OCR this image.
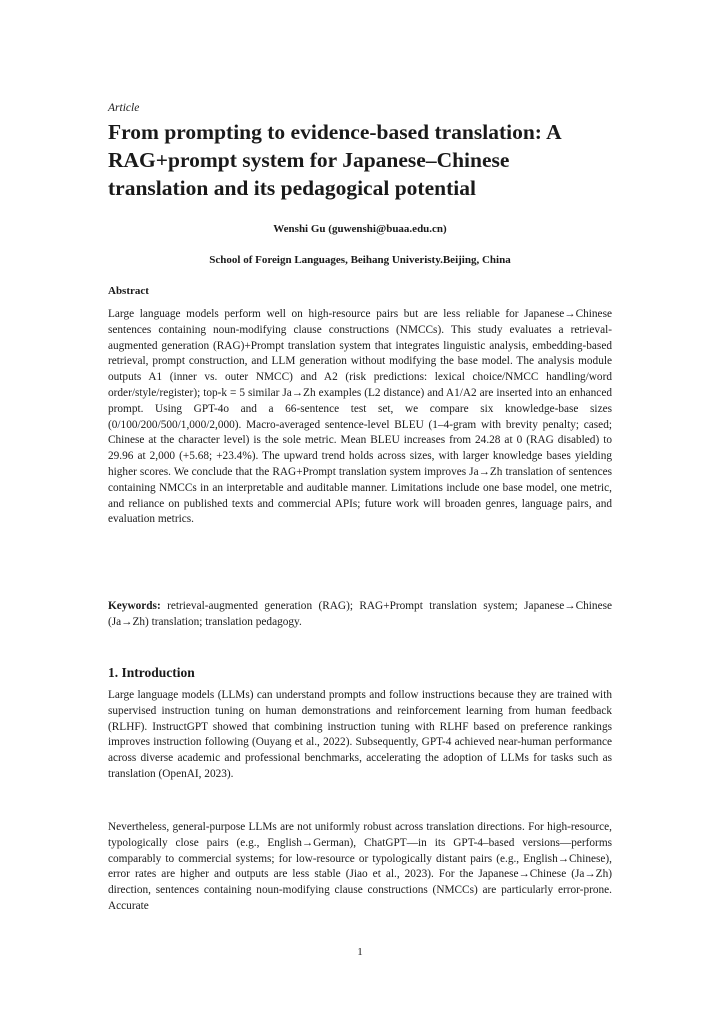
Article
From prompting to evidence-based translation: A RAG+prompt system for Japanese–Chinese translation and its pedagogical potential
Wenshi Gu (guwenshi@buaa.edu.cn)
School of Foreign Languages, Beihang Univeristy.Beijing, China
Abstract

Large language models perform well on high-resource pairs but are less reliable for Japanese→Chinese sentences containing noun-modifying clause constructions (NMCCs). This study evaluates a retrieval-augmented generation (RAG)+Prompt translation system that integrates linguistic analysis, embedding-based retrieval, prompt construction, and LLM generation without modifying the base model. The analysis module outputs A1 (inner vs. outer NMCC) and A2 (risk predictions: lexical choice/NMCC handling/word order/style/register); top-k = 5 similar Ja→Zh examples (L2 distance) and A1/A2 are inserted into an enhanced prompt. Using GPT-4o and a 66-sentence test set, we compare six knowledge-base sizes (0/100/200/500/1,000/2,000). Macro-averaged sentence-level BLEU (1–4-gram with brevity penalty; cased; Chinese at the character level) is the sole metric. Mean BLEU increases from 24.28 at 0 (RAG disabled) to 29.96 at 2,000 (+5.68; +23.4%). The upward trend holds across sizes, with larger knowledge bases yielding higher scores. We conclude that the RAG+Prompt translation system improves Ja→Zh translation of sentences containing NMCCs in an interpretable and auditable manner. Limitations include one base model, one metric, and reliance on published texts and commercial APIs; future work will broaden genres, language pairs, and evaluation metrics.

Keywords: retrieval-augmented generation (RAG); RAG+Prompt translation system; Japanese→Chinese (Ja→Zh) translation; translation pedagogy.

1. Introduction

Large language models (LLMs) can understand prompts and follow instructions because they are trained with supervised instruction tuning on human demonstrations and reinforcement learning from human feedback (RLHF). InstructGPT showed that combining instruction tuning with RLHF based on preference rankings improves instruction following (Ouyang et al., 2022). Subsequently, GPT-4 achieved near-human performance across diverse academic and professional benchmarks, accelerating the adoption of LLMs for tasks such as translation (OpenAI, 2023).

Nevertheless, general-purpose LLMs are not uniformly robust across translation directions. For high-resource, typologically close pairs (e.g., English→German), ChatGPT—in its GPT-4–based versions—performs comparably to commercial systems; for low-resource or typologically distant pairs (e.g., English→Chinese), error rates are higher and outputs are less stable (Jiao et al., 2023). For the Japanese→Chinese (Ja→Zh) direction, sentences containing noun-modifying clause constructions (NMCCs) are particularly error-prone. Accurate

1
